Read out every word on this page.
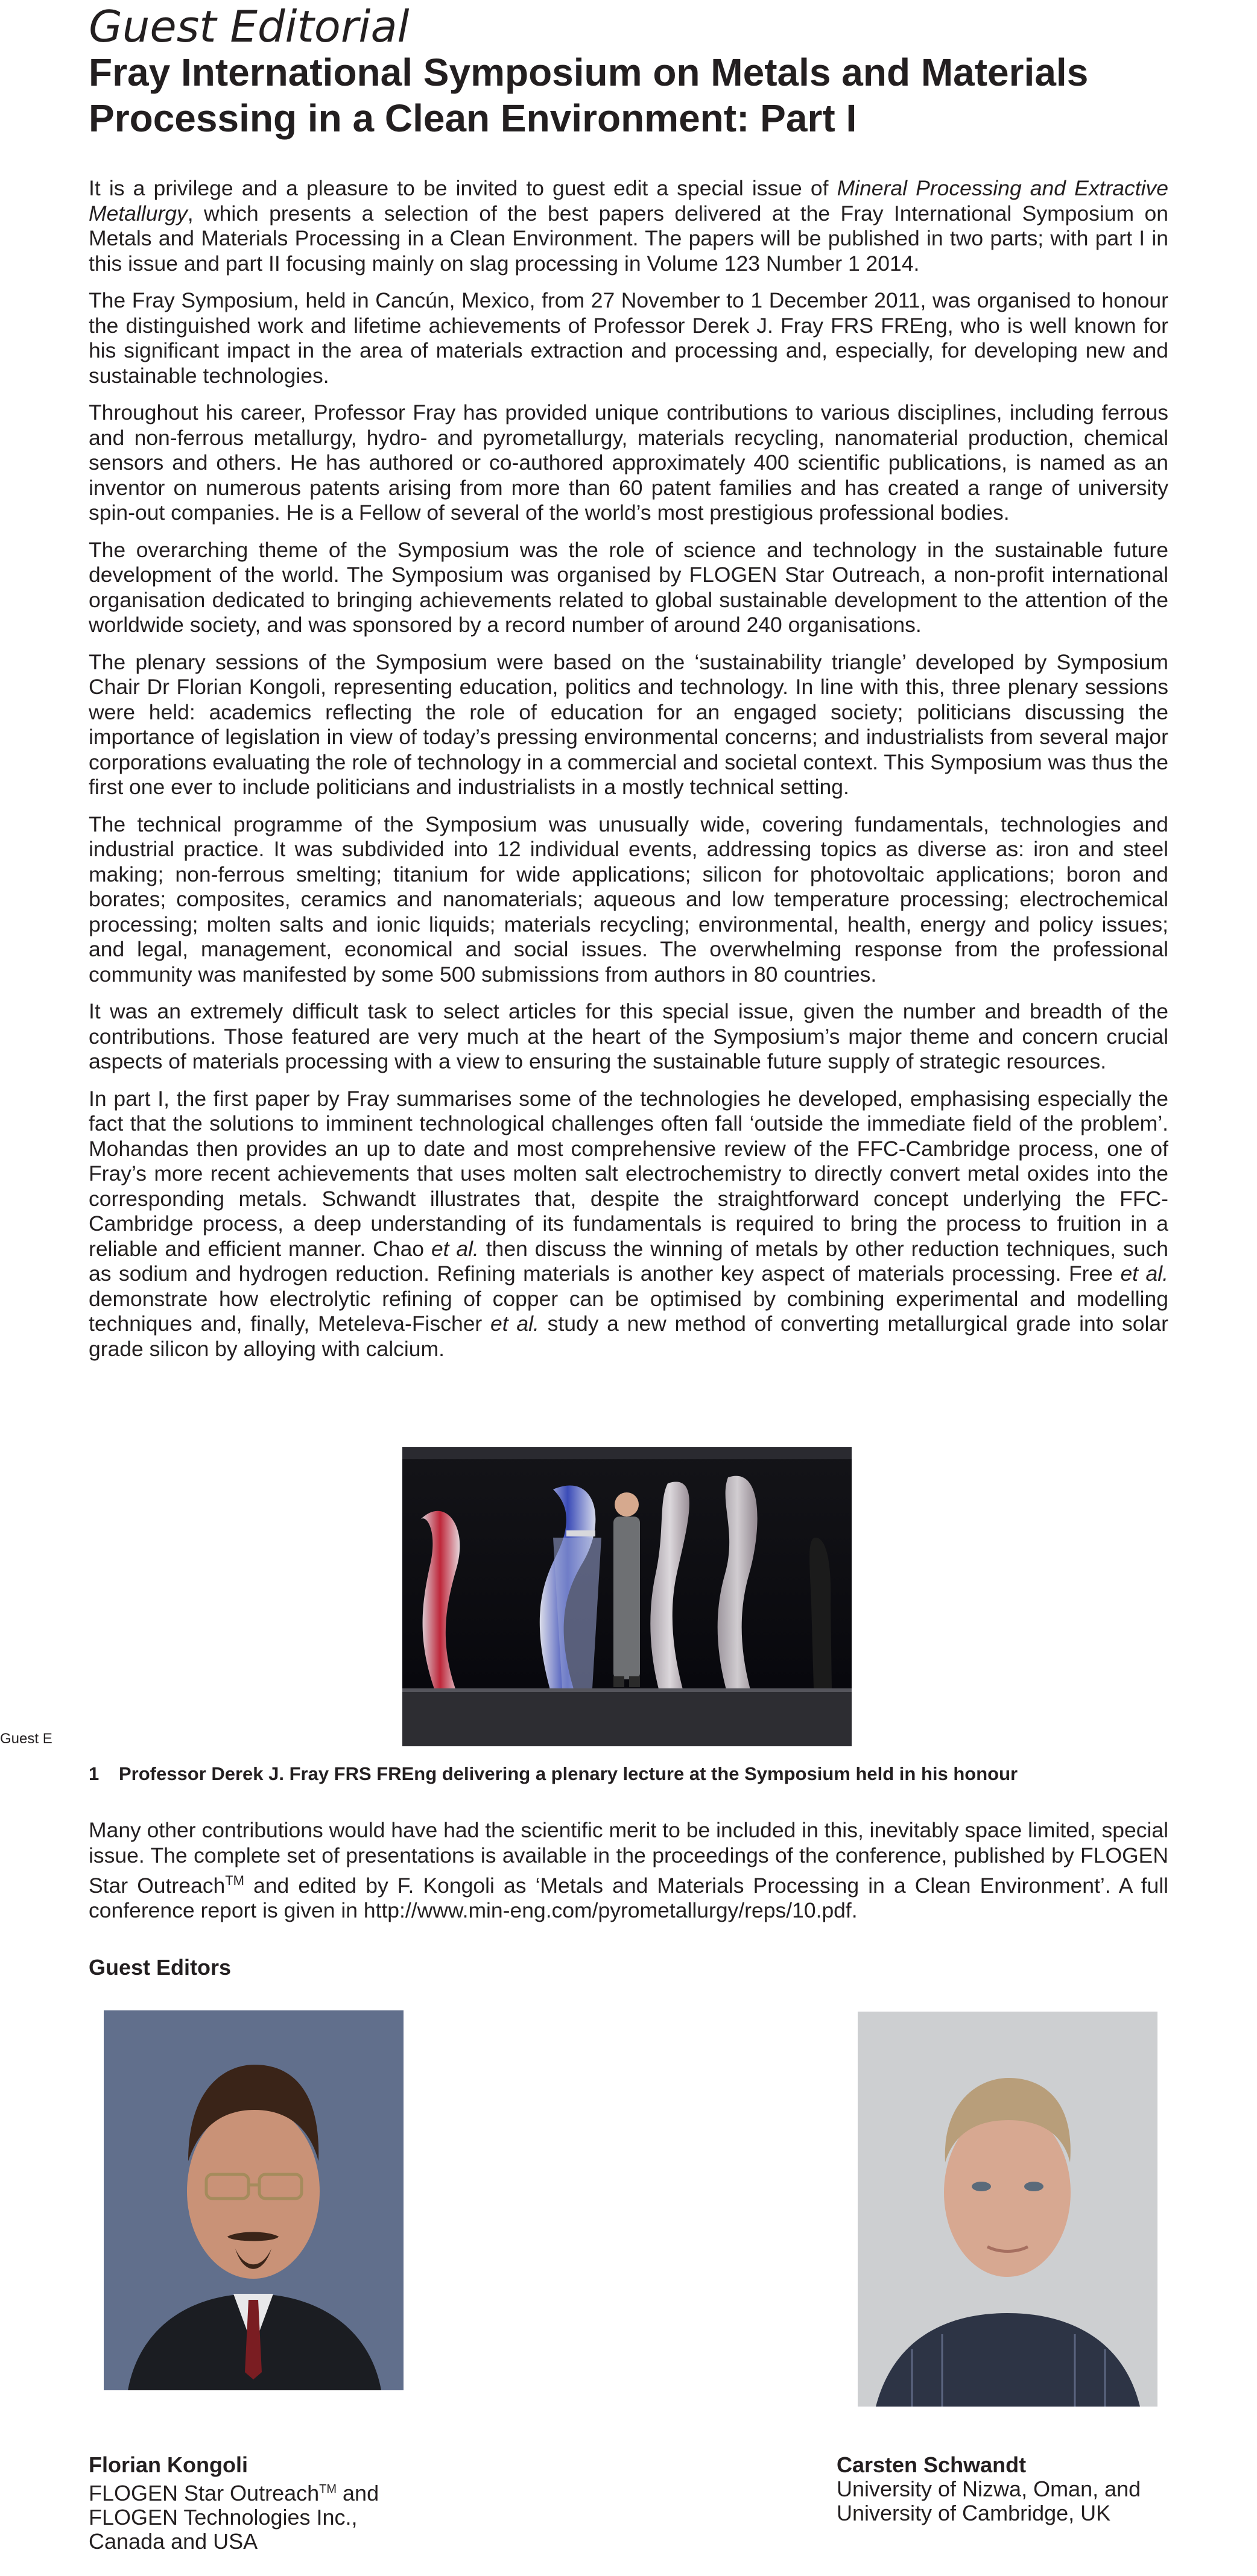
Guest Editorial
Fray International Symposium on Metals and Materials Processing in a Clean Environment: Part I

It is a privilege and a pleasure to be invited to guest edit a special issue of Mineral Processing and Extractive Metallurgy, which presents a selection of the best papers delivered at the Fray International Symposium on Metals and Materials Processing in a Clean Environment. The papers will be published in two parts; with part I in this issue and part II focusing mainly on slag processing in Volume 123 Number 1 2014.

The Fray Symposium, held in Cancún, Mexico, from 27 November to 1 December 2011, was organised to honour the distinguished work and lifetime achievements of Professor Derek J. Fray FRS FREng, who is well known for his significant impact in the area of materials extraction and processing and, especially, for developing new and sustainable technologies.

Throughout his career, Professor Fray has provided unique contributions to various disciplines, including ferrous and non-ferrous metallurgy, hydro- and pyrometallurgy, materials recycling, nanomaterial production, chemical sensors and others. He has authored or co-authored approximately 400 scientific publications, is named as an inventor on numerous patents arising from more than 60 patent families and has created a range of university spin-out companies. He is a Fellow of several of the world’s most prestigious professional bodies.

The overarching theme of the Symposium was the role of science and technology in the sustainable future development of the world. The Symposium was organised by FLOGEN Star Outreach, a non-profit international organisation dedicated to bringing achievements related to global sustainable development to the attention of the worldwide society, and was sponsored by a record number of around 240 organisations.

The plenary sessions of the Symposium were based on the ‘sustainability triangle’ developed by Symposium Chair Dr Florian Kongoli, representing education, politics and technology. In line with this, three plenary sessions were held: academics reflecting the role of education for an engaged society; politicians discussing the importance of legislation in view of today’s pressing environmental concerns; and industrialists from several major corporations evaluating the role of technology in a commercial and societal context. This Symposium was thus the first one ever to include politicians and industrialists in a mostly technical setting.

The technical programme of the Symposium was unusually wide, covering fundamentals, technologies and industrial practice. It was subdivided into 12 individual events, addressing topics as diverse as: iron and steel making; non-ferrous smelting; titanium for wide applications; silicon for photovoltaic applications; boron and borates; composites, ceramics and nanomaterials; aqueous and low temperature processing; electrochemical processing; molten salts and ionic liquids; materials recycling; environmental, health, energy and policy issues; and legal, management, economical and social issues. The overwhelming response from the professional community was manifested by some 500 submissions from authors in 80 countries.

It was an extremely difficult task to select articles for this special issue, given the number and breadth of the contributions. Those featured are very much at the heart of the Symposium’s major theme and concern crucial aspects of materials processing with a view to ensuring the sustainable future supply of strategic resources.

In part I, the first paper by Fray summarises some of the technologies he developed, emphasising especially the fact that the solutions to imminent technological challenges often fall ‘outside the immediate field of the problem’. Mohandas then provides an up to date and most comprehensive review of the FFC-Cambridge process, one of Fray’s more recent achievements that uses molten salt electrochemistry to directly convert metal oxides into the corresponding metals. Schwandt illustrates that, despite the straightforward concept underlying the FFC-Cambridge process, a deep understanding of its fundamentals is required to bring the process to fruition in a reliable and efficient manner. Chao et al. then discuss the winning of metals by other reduction techniques, such as sodium and hydrogen reduction. Refining materials is another key aspect of materials processing. Free et al. demonstrate how electrolytic refining of copper can be optimised by combining experimental and modelling techniques and, finally, Meteleva-Fischer et al. study a new method of converting metallurgical grade into solar grade silicon by alloying with calcium.

1 Professor Derek J. Fray FRS FREng delivering a plenary lecture at the Symposium held in his honour

Many other contributions would have had the scientific merit to be included in this, inevitably space limited, special issue. The complete set of presentations is available in the proceedings of the conference, published by FLOGEN Star Outreach™ and edited by F. Kongoli as ‘Metals and Materials Processing in a Clean Environment’. A full conference report is given in http://www.min-eng.com/pyrometallurgy/reps/10.pdf.

Guest Editors
Florian Kongoli
FLOGEN Star Outreach™ and
FLOGEN Technologies Inc.,
Canada and USA
Carsten Schwandt
University of Nizwa, Oman, and
University of Cambridge, UK
Guest E
